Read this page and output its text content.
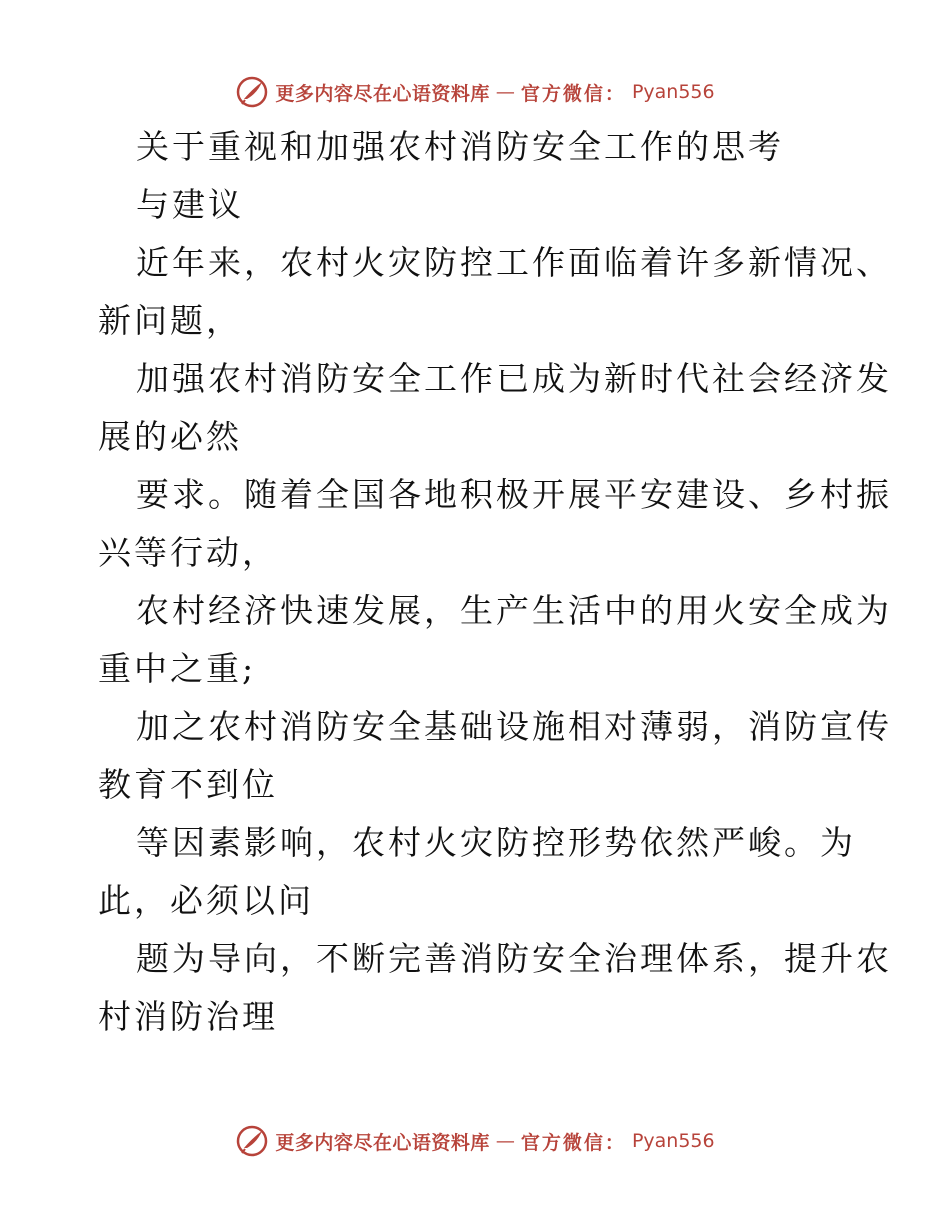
更多内容尽在心语资料库 — 官方微信： Pyan556
关于重视和加强农村消防安全工作的思考
与建议
近年来，农村火灾防控工作面临着许多新情况、
新问题，
加强农村消防安全工作已成为新时代社会经济发
展的必然
要求。随着全国各地积极开展平安建设、乡村振
兴等行动，
农村经济快速发展，生产生活中的用火安全成为
重中之重;
加之农村消防安全基础设施相对薄弱，消防宣传
教育不到位
等因素影响，农村火灾防控形势依然严峻。为
此，必须以问
题为导向，不断完善消防安全治理体系，提升农
村消防治理
更多内容尽在心语资料库 — 官方微信： Pyan556
